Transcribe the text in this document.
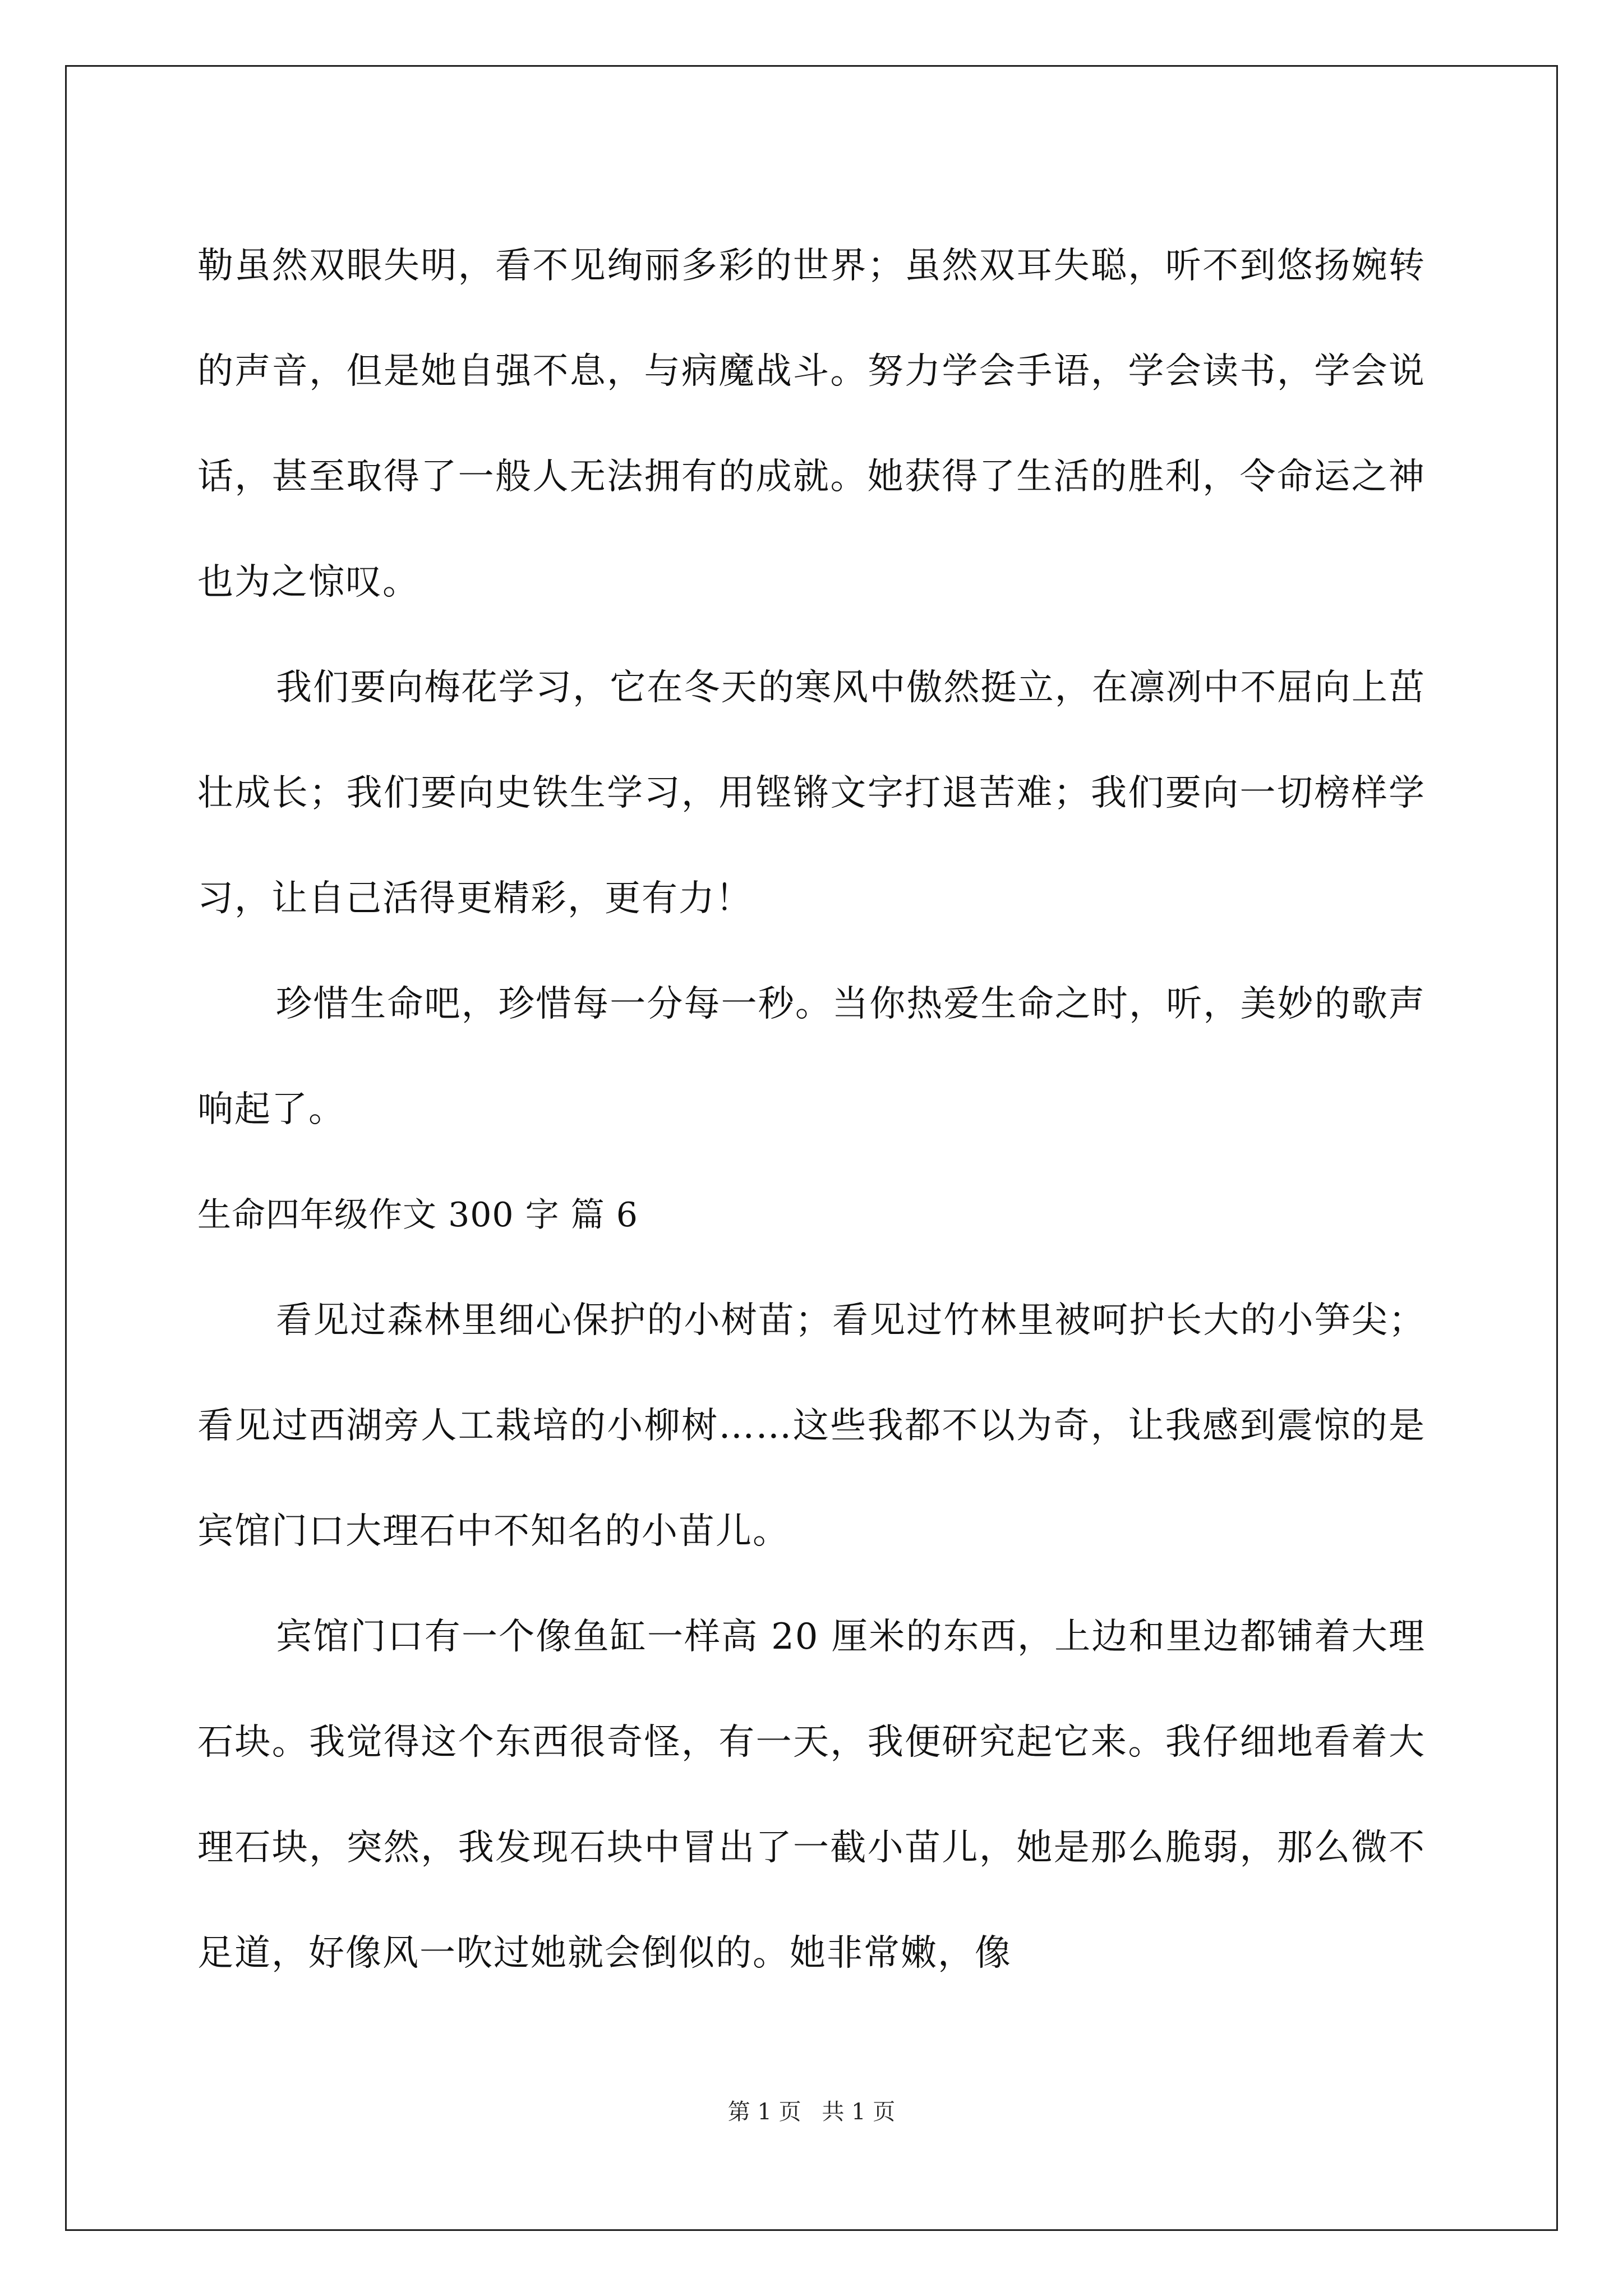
勒虽然双眼失明，看不见绚丽多彩的世界；虽然双耳失聪，听不到悠扬婉转的声音，但是她自强不息，与病魔战斗。努力学会手语，学会读书，学会说话，甚至取得了一般人无法拥有的成就。她获得了生活的胜利，令命运之神也为之惊叹。

我们要向梅花学习，它在冬天的寒风中傲然挺立，在凛冽中不屈向上茁壮成长；我们要向史铁生学习，用铿锵文字打退苦难；我们要向一切榜样学习，让自己活得更精彩，更有力！

珍惜生命吧，珍惜每一分每一秒。当你热爱生命之时，听，美妙的歌声响起了。

生命四年级作文 300 字 篇 6

看见过森林里细心保护的小树苗；看见过竹林里被呵护长大的小笋尖；看见过西湖旁人工栽培的小柳树……这些我都不以为奇，让我感到震惊的是宾馆门口大理石中不知名的小苗儿。

宾馆门口有一个像鱼缸一样高 20 厘米的东西，上边和里边都铺着大理石块。我觉得这个东西很奇怪，有一天，我便研究起它来。我仔细地看着大理石块，突然，我发现石块中冒出了一截小苗儿，她是那么脆弱，那么微不足道，好像风一吹过她就会倒似的。她非常嫩，像

第 1 页 共 1 页
